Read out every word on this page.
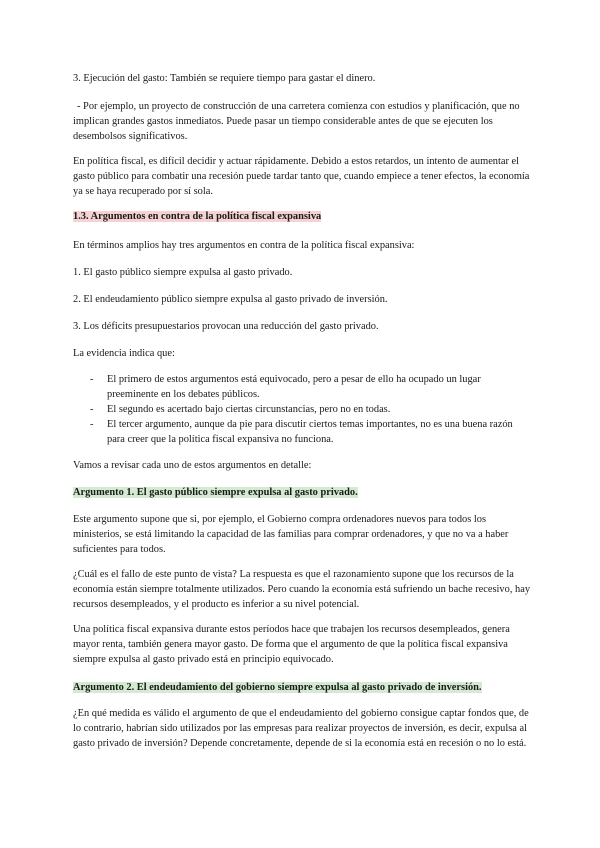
3. Ejecución del gasto: También se requiere tiempo para gastar el dinero.

- Por ejemplo, un proyecto de construcción de una carretera comienza con estudios y planificación, que no implican grandes gastos inmediatos. Puede pasar un tiempo considerable antes de que se ejecuten los desembolsos significativos.

En política fiscal, es difícil decidir y actuar rápidamente. Debido a estos retardos, un intento de aumentar el gasto público para combatir una recesión puede tardar tanto que, cuando empiece a tener efectos, la economía ya se haya recuperado por sí sola.

1.3. Argumentos en contra de la política fiscal expansiva

En términos amplios hay tres argumentos en contra de la política fiscal expansiva:

1. El gasto público siempre expulsa al gasto privado.

2. El endeudamiento público siempre expulsa al gasto privado de inversión.

3. Los déficits presupuestarios provocan una reducción del gasto privado.

La evidencia indica que:

-	El primero de estos argumentos está equivocado, pero a pesar de ello ha ocupado un lugar preeminente en los debates públicos.

-	El segundo es acertado bajo ciertas circunstancias, pero no en todas.

-	El tercer argumento, aunque da pie para discutir ciertos temas importantes, no es una buena razón para creer que la política fiscal expansiva no funciona.

Vamos a revisar cada uno de estos argumentos en detalle:

Argumento 1. El gasto público siempre expulsa al gasto privado.

Este argumento supone que si, por ejemplo, el Gobierno compra ordenadores nuevos para todos los ministerios, se está limitando la capacidad de las familias para comprar ordenadores, y que no va a haber suficientes para todos.

¿Cuál es el fallo de este punto de vista? La respuesta es que el razonamiento supone que los recursos de la economía están siempre totalmente utilizados. Pero cuando la economía está sufriendo un bache recesivo, hay recursos desempleados, y el producto es inferior a su nivel potencial.

Una política fiscal expansiva durante estos períodos hace que trabajen los recursos desempleados, genera mayor renta, también genera mayor gasto. De forma que el argumento de que la política fiscal expansiva siempre expulsa al gasto privado está en principio equivocado.

Argumento 2. El endeudamiento del gobierno siempre expulsa al gasto privado de inversión.

¿En qué medida es válido el argumento de que el endeudamiento del gobierno consigue captar fondos que, de lo contrario, habrían sido utilizados por las empresas para realizar proyectos de inversión, es decir, expulsa al gasto privado de inversión? Depende concretamente, depende de si la economía está en recesión o no lo está.
